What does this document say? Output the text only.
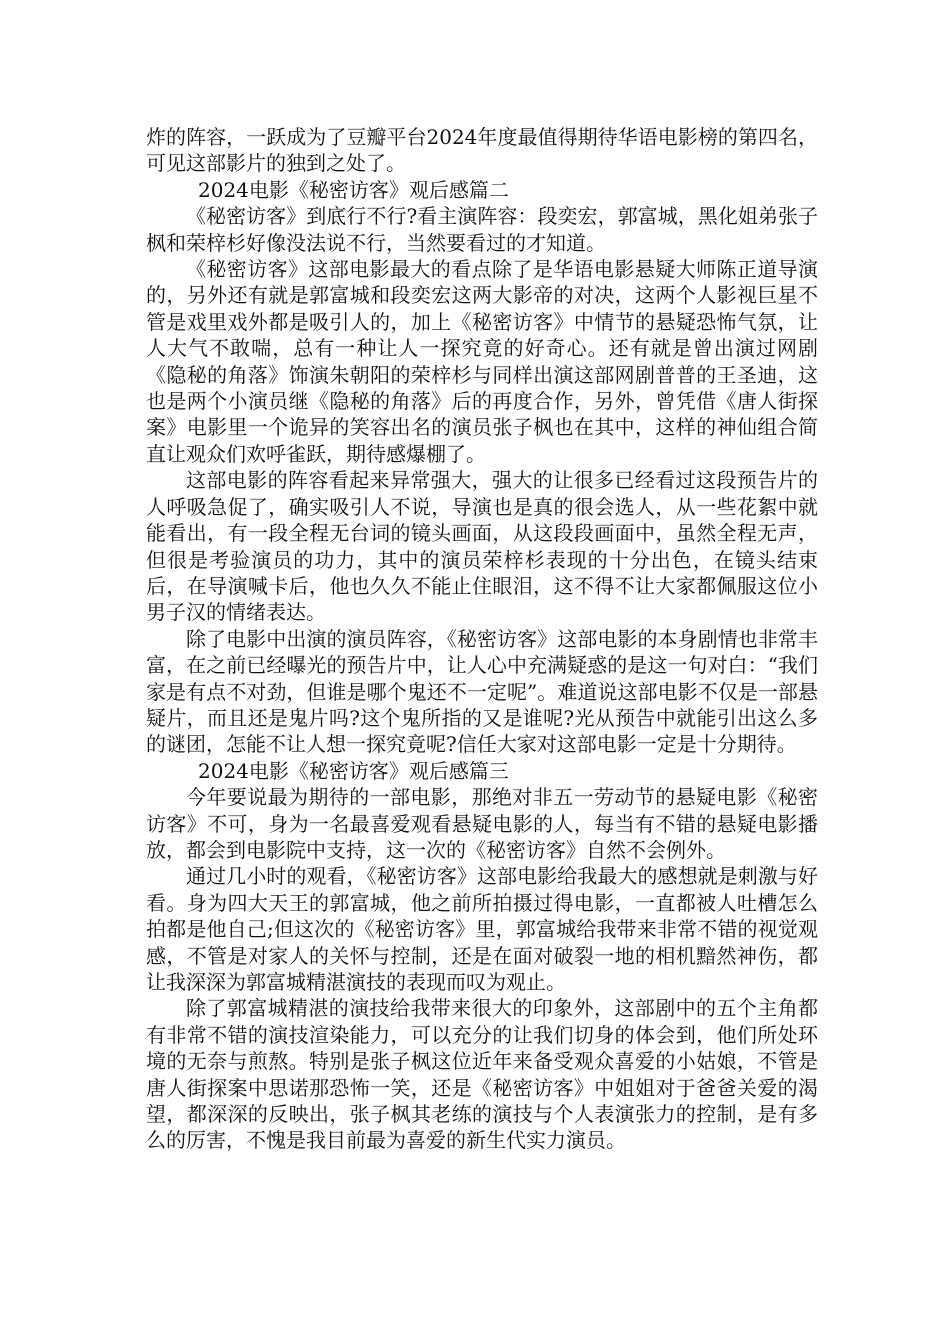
炸的阵容，一跃成为了豆瓣平台2024年度最值得期待华语电影榜的第四名，可见这部影片的独到之处了。

2024电影《秘密访客》观后感篇二

《秘密访客》到底行不行?看主演阵容：段奕宏，郭富城，黑化姐弟张子枫和荣梓杉好像没法说不行，当然要看过的才知道。

《秘密访客》这部电影最大的看点除了是华语电影悬疑大师陈正道导演的，另外还有就是郭富城和段奕宏这两大影帝的对决，这两个人影视巨星不管是戏里戏外都是吸引人的，加上《秘密访客》中情节的悬疑恐怖气氛，让人大气不敢喘，总有一种让人一探究竟的好奇心。还有就是曾出演过网剧《隐秘的角落》饰演朱朝阳的荣梓杉与同样出演这部网剧普普的王圣迪，这也是两个小演员继《隐秘的角落》后的再度合作，另外，曾凭借《唐人街探案》电影里一个诡异的笑容出名的演员张子枫也在其中，这样的神仙组合简直让观众们欢呼雀跃，期待感爆棚了。

这部电影的阵容看起来异常强大，强大的让很多已经看过这段预告片的人呼吸急促了，确实吸引人不说，导演也是真的很会选人，从一些花絮中就能看出，有一段全程无台词的镜头画面，从这段段画面中，虽然全程无声，但很是考验演员的功力，其中的演员荣梓杉表现的十分出色，在镜头结束后，在导演喊卡后，他也久久不能止住眼泪，这不得不让大家都佩服这位小男子汉的情绪表达。

除了电影中出演的演员阵容，《秘密访客》这部电影的本身剧情也非常丰富，在之前已经曝光的预告片中，让人心中充满疑惑的是这一句对白：“我们家是有点不对劲，但谁是哪个鬼还不一定呢”。难道说这部电影不仅是一部悬疑片，而且还是鬼片吗?这个鬼所指的又是谁呢?光从预告中就能引出这么多的谜团，怎能不让人想一探究竟呢?信任大家对这部电影一定是十分期待。

2024电影《秘密访客》观后感篇三

今年要说最为期待的一部电影，那绝对非五一劳动节的悬疑电影《秘密访客》不可，身为一名最喜爱观看悬疑电影的人，每当有不错的悬疑电影播放，都会到电影院中支持，这一次的《秘密访客》自然不会例外。

通过几小时的观看，《秘密访客》这部电影给我最大的感想就是刺激与好看。身为四大天王的郭富城，他之前所拍摄过得电影，一直都被人吐槽怎么拍都是他自己;但这次的《秘密访客》里，郭富城给我带来非常不错的视觉观感，不管是对家人的关怀与控制，还是在面对破裂一地的相机黯然神伤，都让我深深为郭富城精湛演技的表现而叹为观止。

除了郭富城精湛的演技给我带来很大的印象外，这部剧中的五个主角都有非常不错的演技渲染能力，可以充分的让我们切身的体会到，他们所处环境的无奈与煎熬。特别是张子枫这位近年来备受观众喜爱的小姑娘，不管是唐人街探案中思诺那恐怖一笑，还是《秘密访客》中姐姐对于爸爸关爱的渴望，都深深的反映出，张子枫其老练的演技与个人表演张力的控制，是有多么的厉害，不愧是我目前最为喜爱的新生代实力演员。
